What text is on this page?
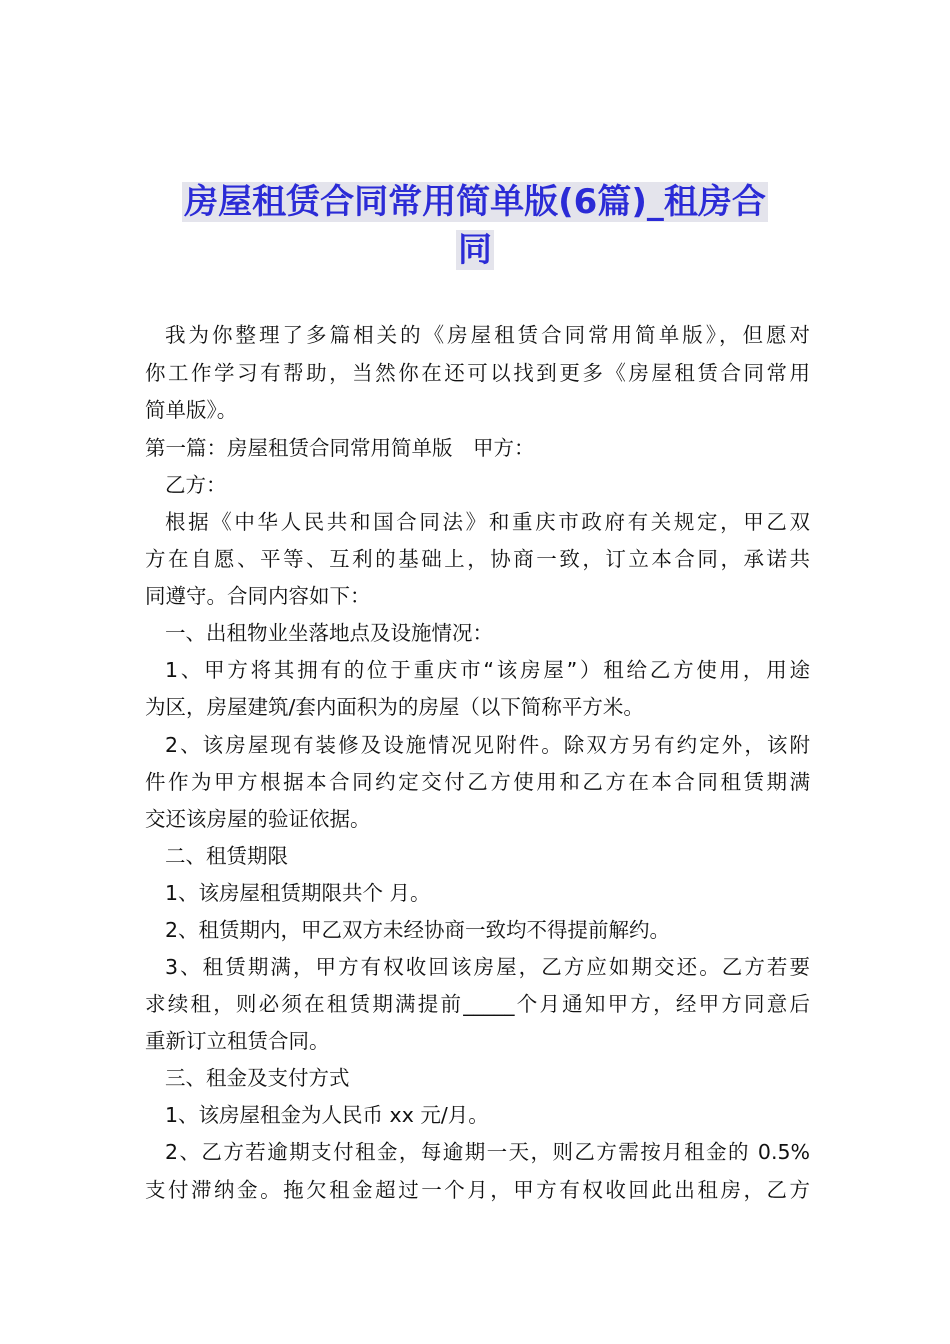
房屋租赁合同常用简单版(6篇)_租房合
同
我为你整理了多篇相关的《房屋租赁合同常用简单版》，但愿对
你工作学习有帮助，当然你在还可以找到更多《房屋租赁合同常用
简单版》。
第一篇：房屋租赁合同常用简单版　甲方：
乙方：
根据《中华人民共和国合同法》和重庆市政府有关规定，甲乙双
方在自愿、平等、互利的基础上，协商一致，订立本合同，承诺共
同遵守。合同内容如下：
一、出租物业坐落地点及设施情况：
1、甲方将其拥有的位于重庆市“该房屋”）租给乙方使用，用途
为区，房屋建筑/套内面积为的房屋（以下简称平方米。
2、该房屋现有装修及设施情况见附件。除双方另有约定外，该附
件作为甲方根据本合同约定交付乙方使用和乙方在本合同租赁期满
交还该房屋的验证依据。
二、租赁期限
1、该房屋租赁期限共个 月。
2、租赁期内，甲乙双方未经协商一致均不得提前解约。
3、租赁期满，甲方有权收回该房屋，乙方应如期交还。乙方若要
求续租，则必须在租赁期满提前_____个月通知甲方，经甲方同意后
重新订立租赁合同。
三、租金及支付方式
1、该房屋租金为人民币 xx 元/月。
2、乙方若逾期支付租金，每逾期一天，则乙方需按月租金的 0.5%
支付滞纳金。拖欠租金超过一个月，甲方有权收回此出租房，乙方
